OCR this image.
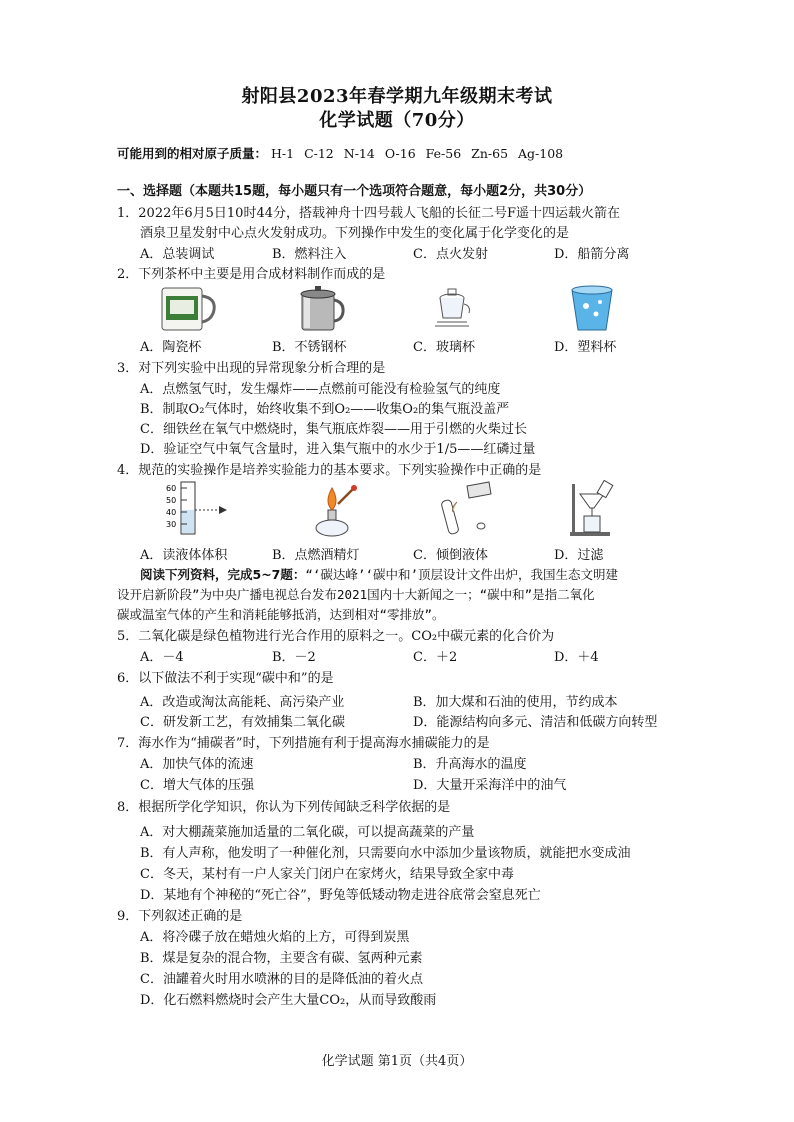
射阳县2023年春学期九年级期末考试
化学试题（70分）
可能用到的相对原子质量： H-1 C-12 N-14 O-16 Fe-56 Zn-65 Ag-108
一、选择题（本题共15题，每小题只有一个选项符合题意，每小题2分，共30分）
1．2022年6月5日10时44分，搭载神舟十四号载人飞船的长征二号F遥十四运载火箭在
酒泉卫星发射中心点火发射成功。下列操作中发生的变化属于化学变化的是
A．总装调试	B．燃料注入	C．点火发射	D．船箭分离
2．下列茶杯中主要是用合成材料制作而成的是
A．陶瓷杯	B．不锈钢杯	C．玻璃杯	D．塑料杯
3．对下列实验中出现的异常现象分析合理的是
A．点燃氢气时，发生爆炸——点燃前可能没有检验氢气的纯度
B．制取O₂气体时，始终收集不到O₂——收集O₂的集气瓶没盖严
C．细铁丝在氧气中燃烧时，集气瓶底炸裂——用于引燃的火柴过长
D．验证空气中氧气含量时，进入集气瓶中的水少于1/5——红磷过量
4．规范的实验操作是培养实验能力的基本要求。下列实验操作中正确的是
60
50
40
30
A．读液体体积	B．点燃酒精灯	C．倾倒液体	D．过滤
阅读下列资料，完成5~7题：“‘碳达峰’‘碳中和’顶层设计文件出炉，我国生态文明建
设开启新阶段”为中央广播电视总台发布2021国内十大新闻之一；“碳中和”是指二氧化
碳或温室气体的产生和消耗能够抵消，达到相对“零排放”。
5．二氧化碳是绿色植物进行光合作用的原料之一。CO₂中碳元素的化合价为
A．－4	B．－2	C．＋2	D．＋4
6．以下做法不利于实现“碳中和”的是
A．改造或淘汰高能耗、高污染产业	B．加大煤和石油的使用，节约成本
C．研发新工艺，有效捕集二氧化碳	D．能源结构向多元、清洁和低碳方向转型
7．海水作为“捕碳者”时，下列措施有利于提高海水捕碳能力的是
A．加快气体的流速	B．升高海水的温度
C．增大气体的压强	D．大量开采海洋中的油气
8．根据所学化学知识，你认为下列传闻缺乏科学依据的是
A．对大棚蔬菜施加适量的二氧化碳，可以提高蔬菜的产量
B．有人声称，他发明了一种催化剂，只需要向水中添加少量该物质，就能把水变成油
C．冬天，某村有一户人家关门闭户在家烤火，结果导致全家中毒
D．某地有个神秘的“死亡谷”，野兔等低矮动物走进谷底常会窒息死亡
9．下列叙述正确的是
A．将冷碟子放在蜡烛火焰的上方，可得到炭黑
B．煤是复杂的混合物，主要含有碳、氢两种元素
C．油罐着火时用水喷淋的目的是降低油的着火点
D．化石燃料燃烧时会产生大量CO₂，从而导致酸雨
化学试题 第1页（共4页）
